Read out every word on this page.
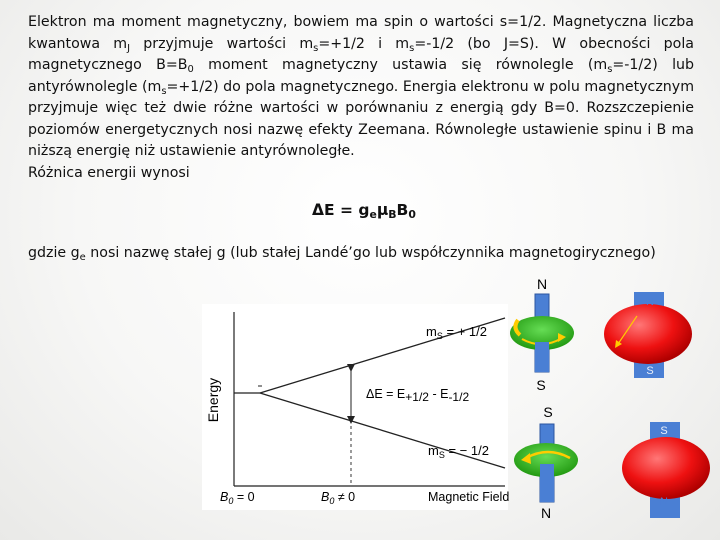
Elektron ma moment magnetyczny, bowiem ma spin o wartości s=1/2. Magnetyczna liczba kwantowa $m_J$ przyjmuje wartości $m_s=+1/2$ i $m_s=-1/2$ (bo J=S). W obecności pola magnetycznego $B=B_0$ moment magnetyczny ustawia się równolegle $(m_s=-1/2)$ lub antyrównolegle $(m_s=+1/2)$ do pola magnetycznego. Energia elektronu w polu magnetycznym przyjmuje więc też dwie różne wartości w porównaniu z energią gdy B=0. Rozszczepienie poziomów energetycznych nosi nazwę efekty Zeemana. Równoległe ustawienie spinu i B ma niższą energię niż ustawienie antyrównoległe.

Różnica energii wynosi

$\Delta E = g_e\mu_BB_0$
gdzie $g_e$ nosi nazwę stałej g (lub stałej Landé’go lub współczynnika magnetogirycznego)
Energy
$m_S$ = + 1/2
$m_S$ = − 1/2
ΔE = E+1/2 - E-1/2
$B_0 = 0$	$B_0 \ne 0$	Magnetic Field
N
S
S
N
N
S
S
N
